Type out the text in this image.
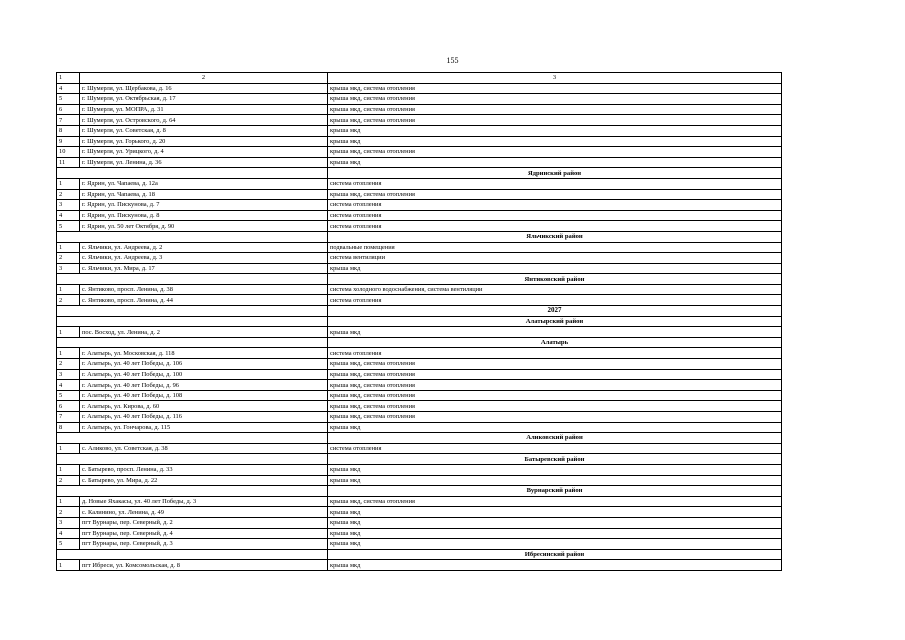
155
1	2	3
4	г. Шумерля, ул. Щербакова, д. 16	крыша мкд, система отопления
5	г. Шумерля, ул. Октябрьская, д. 17	крыша мкд, система отопления
6	г. Шумерля, ул. МОПРА, д. 31	крыша мкд, система отопления
7	г. Шумерля, ул. Островского, д. 64	крыша мкд, система отопления
8	г. Шумерля, ул. Советская, д. 8	крыша мкд
9	г. Шумерля, ул. Горького, д. 20	крыша мкд
10	г. Шумерля, ул. Урицкого, д. 4	крыша мкд, система отопления
11	г. Шумерля, ул. Ленина, д. 36	крыша мкд
		Ядринский район
1	г. Ядрин, ул. Чапаева, д. 12а	система отопления
2	г. Ядрин, ул. Чапаева, д. 18	крыша мкд, система отопления
3	г. Ядрин, ул. Пискунова, д. 7	система отопления
4	г. Ядрин, ул. Пискунова, д. 8	система отопления
5	г. Ядрин, ул. 50 лет Октября, д. 90	система отопления
		Яльчикский район
1	с. Яльчики, ул. Андреева, д. 2	подвальные помещения
2	с. Яльчики, ул. Андреева, д. 3	система вентиляции
3	с. Яльчики, ул. Мира, д. 17	крыша мкд
		Янтиковский район
1	с. Янтиково, просп. Ленина, д. 38	система холодного водоснабжения, система вентиляции
2	с. Янтиково, просп. Ленина, д. 44	система отопления
		2027
		Алатырский район
1	пос. Восход, ул. Ленина, д. 2	крыша мкд
		Алатырь
1	г. Алатырь, ул. Московская, д. 118	система отопления
2	г. Алатырь, ул. 40 лет Победы, д. 106	крыша мкд, система отопления
3	г. Алатырь, ул. 40 лет Победы, д. 100	крыша мкд, система отопления
4	г. Алатырь, ул. 40 лет Победы, д. 96	крыша мкд, система отопления
5	г. Алатырь, ул. 40 лет Победы, д. 108	крыша мкд, система отопления
6	г. Алатырь, ул. Кирова, д. 60	крыша мкд, система отопления
7	г. Алатырь, ул. 40 лет Победы, д. 116	крыша мкд, система отопления
8	г. Алатырь, ул. Гончарова, д. 115	крыша мкд
		Аликовский район
1	с. Аликово, ул. Советская, д. 38	система отопления
		Батыревский район
1	с. Батырево, просп. Ленина, д. 33	крыша мкд
2	с. Батырево, ул. Мира, д. 22	крыша мкд
		Вурнарский район
1	д. Новые Яхакасы, ул. 40 лет Победы, д. 3	крыша мкд, система отопления
2	с. Калинино, ул. Ленина, д. 49	крыша мкд
3	пгт Вурнары, пер. Северный, д. 2	крыша мкд
4	пгт Вурнары, пер. Северный, д. 4	крыша мкд
5	пгт Вурнары, пер. Северный, д. 3	крыша мкд
		Ибресинский район
1	пгт Ибреси, ул. Комсомольская, д. 8	крыша мкд
